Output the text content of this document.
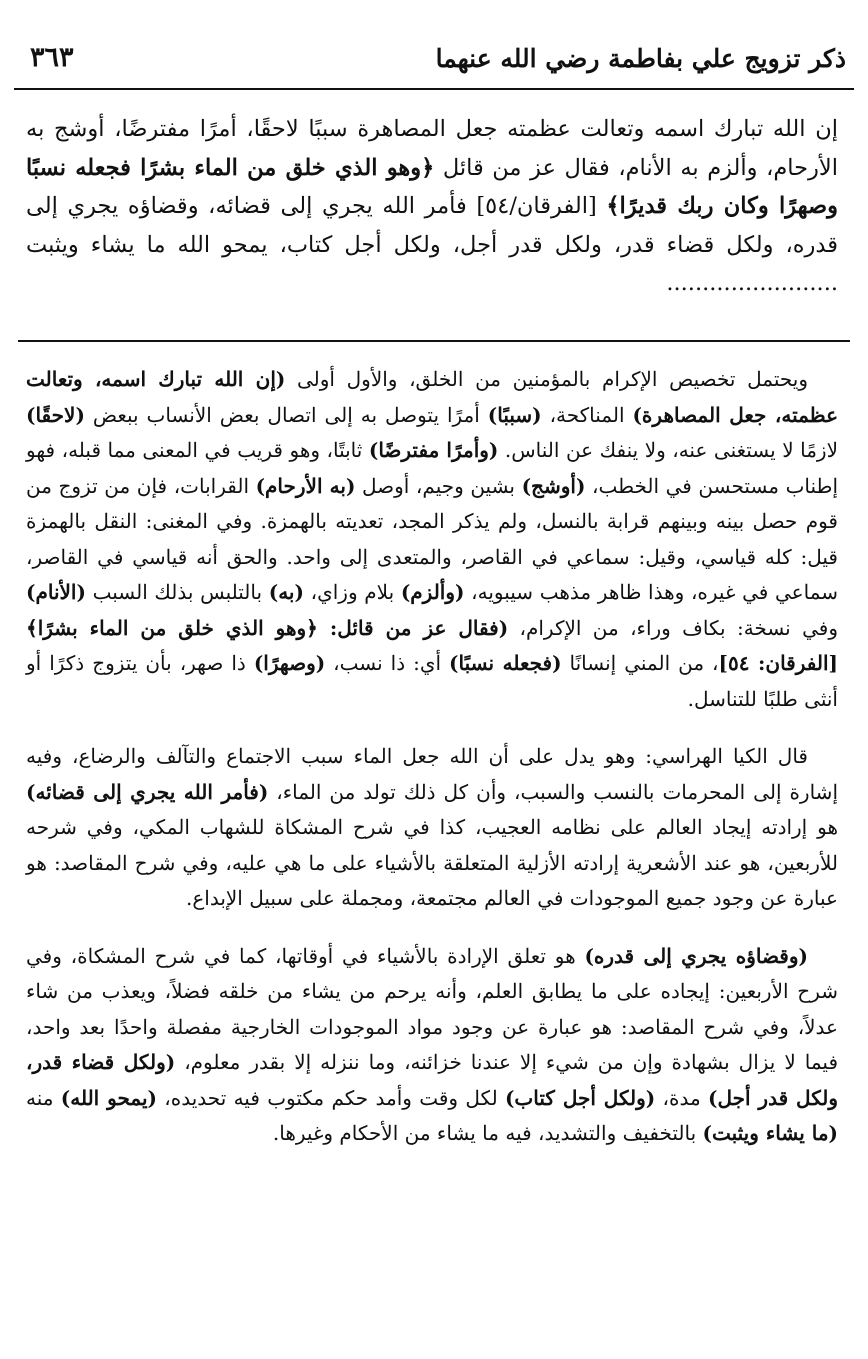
ذكر تزويج علي بفاطمة رضي الله عنهما
٣٦٣
إن الله تبارك اسمه وتعالت عظمته جعل المصاهرة سببًا لاحقًا، أمرًا مفترضًا، أوشج به الأرحام، وألزم به الأنام، فقال عز من قائل ﴿وهو الذي خلق من الماء بشرًا فجعله نسبًا وصهرًا وكان ربك قديرًا﴾ [الفرقان/٥٤] فأمر الله يجري إلى قضائه، وقضاؤه يجري إلى قدره، ولكل قضاء قدر، ولكل قدر أجل، ولكل أجل كتاب، يمحو الله ما يشاء ويثبت ........................

ويحتمل تخصيص الإكرام بالمؤمنين من الخلق، والأول أولى (إن الله تبارك اسمه، وتعالت عظمته، جعل المصاهرة) المناكحة، (سببًا) أمرًا يتوصل به إلى اتصال بعض الأنساب ببعض (لاحقًا) لازمًا لا يستغنى عنه، ولا ينفك عن الناس. (وأمرًا مفترضًا) ثابتًا، وهو قريب في المعنى مما قبله، فهو إطناب مستحسن في الخطب، (أوشج) بشين وجيم، أوصل (به الأرحام) القرابات، فإن من تزوج من قوم حصل بينه وبينهم قرابة بالنسل، ولم يذكر المجد، تعديته بالهمزة. وفي المغنى: النقل بالهمزة قيل: كله قياسي، وقيل: سماعي في القاصر، والمتعدى إلى واحد. والحق أنه قياسي في القاصر، سماعي في غيره، وهذا ظاهر مذهب سيبويه، (وألزم) بلام وزاي، (به) بالتلبس بذلك السبب (الأنام) وفي نسخة: بكاف وراء، من الإكرام، (فقال عز من قائل: ﴿وهو الذي خلق من الماء بشرًا﴾ [الفرقان: ٥٤]، من المني إنسانًا (فجعله نسبًا) أي: ذا نسب، (وصهرًا) ذا صهر، بأن يتزوج ذكرًا أو أنثى طلبًا للتناسل.

قال الكيا الهراسي: وهو يدل على أن الله جعل الماء سبب الاجتماع والتآلف والرضاع، وفيه إشارة إلى المحرمات بالنسب والسبب، وأن كل ذلك تولد من الماء، (فأمر الله يجري إلى قضائه) هو إرادته إيجاد العالم على نظامه العجيب، كذا في شرح المشكاة للشهاب المكي، وفي شرحه للأربعين، هو عند الأشعرية إرادته الأزلية المتعلقة بالأشياء على ما هي عليه، وفي شرح المقاصد: هو عبارة عن وجود جميع الموجودات في العالم مجتمعة، ومجملة على سبيل الإبداع.

(وقضاؤه يجري إلى قدره) هو تعلق الإرادة بالأشياء في أوقاتها، كما في شرح المشكاة، وفي شرح الأربعين: إيجاده على ما يطابق العلم، وأنه يرحم من يشاء من خلقه فضلاً، ويعذب من شاء عدلاً، وفي شرح المقاصد: هو عبارة عن وجود مواد الموجودات الخارجية مفصلة واحدًا بعد واحد، فيما لا يزال بشهادة وإن من شيء إلا عندنا خزائنه، وما ننزله إلا بقدر معلوم، (ولكل قضاء قدر، ولكل قدر أجل) مدة، (ولكل أجل كتاب) لكل وقت وأمد حكم مكتوب فيه تحديده، (يمحو الله) منه (ما يشاء ويثبت) بالتخفيف والتشديد، فيه ما يشاء من الأحكام وغيرها.
